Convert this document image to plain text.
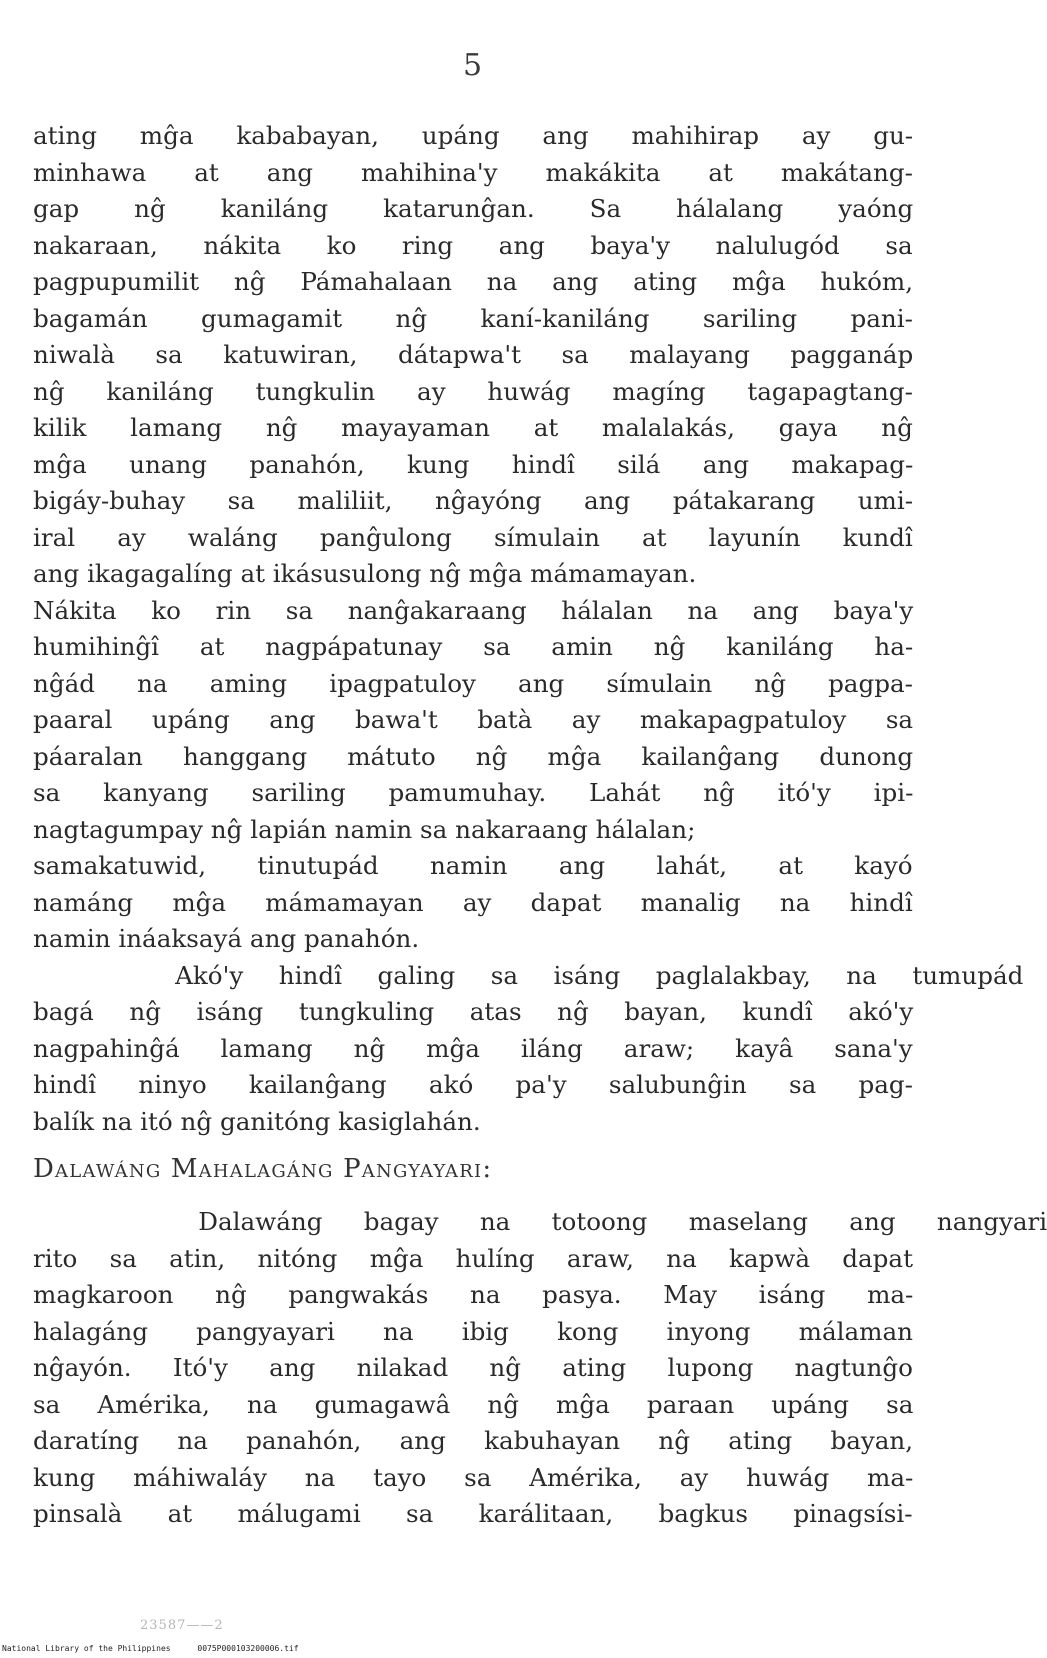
5
ating mĝa kababayan, upáng ang mahihirap ay gu-
minhawa at ang mahihina'y makákita at makátang-
gap nĝ kaniláng katarunĝan. Sa hálalang yaóng
nakaraan, nákita ko ring ang baya'y nalulugód sa
pagpupumilit nĝ Pámahalaan na ang ating mĝa hukóm,
bagamán gumagamit nĝ kaní-kaniláng sariling pani-
niwalà sa katuwiran, dátapwa't sa malayang pagganáp
nĝ kaniláng tungkulin ay huwág magíng tagapagtang-
kilik lamang nĝ mayayaman at malalakás, gaya nĝ
mĝa unang panahón, kung hindî silá ang makapag-
bigáy-buhay sa maliliit, nĝayóng ang pátakarang umi-
iral ay waláng panĝulong símulain at layunín kundî
ang ikagagalíng at ikásusulong nĝ mĝa mámamayan.
Nákita ko rin sa nanĝakaraang hálalan na ang baya'y
humihinĝî at nagpápatunay sa amin nĝ kaniláng ha-
nĝád na aming ipagpatuloy ang símulain nĝ pagpa-
paaral upáng ang bawa't batà ay makapagpatuloy sa
páaralan hanggang mátuto nĝ mĝa kailanĝang dunong
sa kanyang sariling pamumuhay. Lahát nĝ itó'y ipi-
nagtagumpay nĝ lapián namin sa nakaraang hálalan;
samakatuwid, tinutupád namin ang lahát, at kayó
namáng mĝa mámamayan ay dapat manalig na hindî
namin ináaksayá ang panahón.
Akó'y hindî galing sa isáng paglalakbay, na tumupád
bagá nĝ isáng tungkuling atas nĝ bayan, kundî akó'y
nagpahinĝá lamang nĝ mĝa iláng araw; kayâ sana'y
hindî ninyo kailanĝang akó pa'y salubunĝin sa pag-
balík na itó nĝ ganitóng kasiglahán.
Dalawáng Mahalagáng Pangyayari:
Dalawáng bagay na totoong maselang ang nangyari
rito sa atin, nitóng mĝa hulíng araw, na kapwà dapat
magkaroon nĝ pangwakás na pasya. May isáng ma-
halagáng pangyayari na ibig kong inyong málaman
nĝayón. Itó'y ang nilakad nĝ ating lupong nagtunĝo
sa Amérika, na gumagawâ nĝ mĝa paraan upáng sa
daratíng na panahón, ang kabuhayan nĝ ating bayan,
kung máhiwaláy na tayo sa Amérika, ay huwág ma-
pinsalà at málugami sa karálitaan, bagkus pinagsísi-
23587——2
National Library of the Philippines	0075P000103200006.tif
